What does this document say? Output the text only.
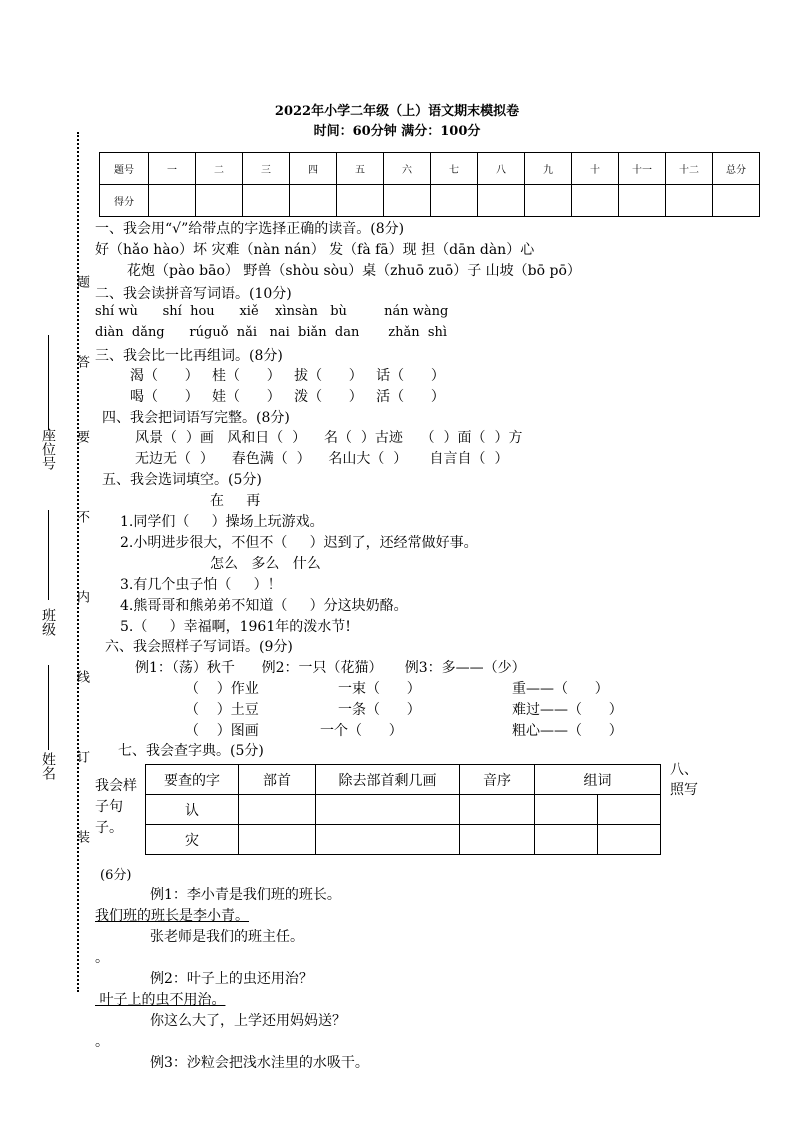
2022年小学二年级（上）语文期末模拟卷
时间：60分钟 满分：100分
题
答
要
不
内
线
订
装
座位号
班级
姓名
题号	一	二	三	四	五	六	七	八	九	十	十一	十二	总分
得分													
一、我会用“√”给带点的字选择正确的读音。(8分)
好（hǎo hào）坏 灾难（nàn nán） 发（fà fā）现 担（dān dàn）心
花炮（pào bāo） 野兽（shòu sòu）桌（zhuō zuō）子 山坡（bō pō）
二、我会读拼音写词语。(10分)
shí wù      shí  hou      xiě    xìnsàn   bù         nán wàng
diàn  dǎng      rúguǒ  nǎi   nai  biǎn  dan       zhǎn  shì
三、我会比一比再组词。(8分)
渴（      ）   桂（      ）   拔（      ）   话（      ）
喝（      ）   娃（      ）   泼（      ）   活（      ）
四、我会把词语写完整。(8分)
风景（  ）画   风和日（  ）    名（  ）古迹    （  ）面（  ）方
无边无（  ）    春色满（  ）    名山大（  ）     自言自（  ）
五、我会选词填空。(5分)
在     再
1.同学们（     ）操场上玩游戏。
2.小明进步很大，不但不（     ）迟到了，还经常做好事。
怎么   多么   什么
3.有几个虫子怕（     ）！
4.熊哥哥和熊弟弟不知道（     ）分这块奶酪。
5.（     ）幸福啊，1961年的泼水节!
六、我会照样子写词语。(9分)
例1：（荡）秋千      例2：一只（花猫）     例3：多——（少）
（    ）作业	一束（      ）	重——（      ）
（    ）土豆	一条（      ）	难过——（      ）
（    ）图画	一个（      ）	粗心——（      ）
七、我会查字典。(5分)
要查的字	部首	除去部首剩几画	音序	组词	
认					
灾					
我会样子句子。
八、照写
(6分)
例1：李小青是我们班的班长。
我们班的班长是李小青。
张老师是我们的班主任。
。
例2：叶子上的虫还用治？
叶子上的虫不用治。
你这么大了，上学还用妈妈送？
。
例3：沙粒会把浅水洼里的水吸干。
